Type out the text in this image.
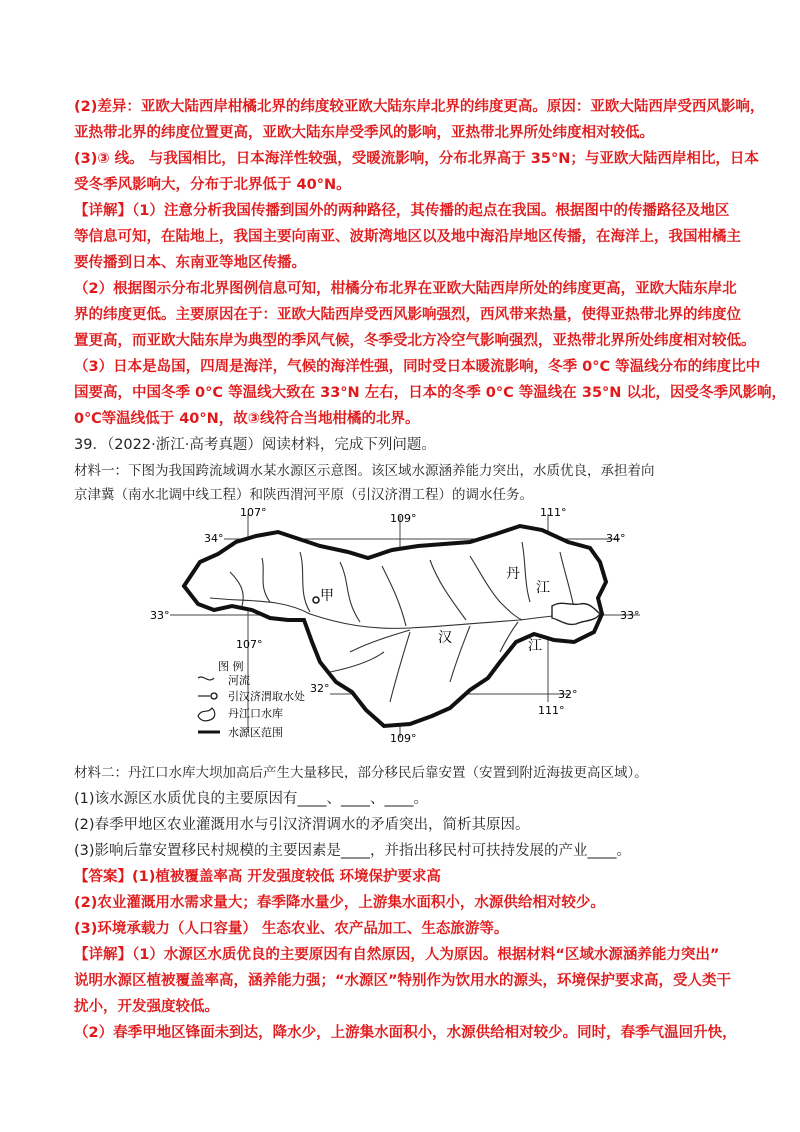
(2)差异：亚欧大陆西岸柑橘北界的纬度较亚欧大陆东岸北界的纬度更高。原因：亚欧大陆西岸受西风影响，
亚热带北界的纬度位置更高，亚欧大陆东岸受季风的影响，亚热带北界所处纬度相对较低。
(3)③ 线。 与我国相比，日本海洋性较强，受暖流影响，分布北界高于 35°N；与亚欧大陆西岸相比，日本
受冬季风影响大，分布于北界低于 40°N。
【详解】（1）注意分析我国传播到国外的两种路径，其传播的起点在我国。根据图中的传播路径及地区
等信息可知，在陆地上，我国主要向南亚、波斯湾地区以及地中海沿岸地区传播，在海洋上，我国柑橘主
要传播到日本、东南亚等地区传播。
（2）根据图示分布北界图例信息可知，柑橘分布北界在亚欧大陆西岸所处的纬度更高，亚欧大陆东岸北
界的纬度更低。主要原因在于：亚欧大陆西岸受西风影响强烈，西风带来热量，使得亚热带北界的纬度位
置更高，而亚欧大陆东岸为典型的季风气候，冬季受北方冷空气影响强烈，亚热带北界所处纬度相对较低。
（3）日本是岛国，四周是海洋，气候的海洋性强，同时受日本暖流影响，冬季 0°C 等温线分布的纬度比中
国要高，中国冬季 0°C 等温线大致在 33°N 左右，日本的冬季 0°C 等温线在 35°N 以北，因受冬季风影响，
0℃等温线低于 40°N，故③线符合当地柑橘的北界。
39．（2022·浙江·高考真题）阅读材料，完成下列问题。
材料一：下图为我国跨流域调水某水源区示意图。该区域水源涵养能力突出，水质优良，承担着向
京津冀（南水北调中线工程）和陕西渭河平原（引汉济渭工程）的调水任务。
107°	109°	111°
34°	34°
33°	33°
107°
32°	32°
111°
109°
甲
汉	江
丹
江
图 例
河流
引汉济渭取水处
丹江口水库
水源区范围
材料二：丹江口水库大坝加高后产生大量移民，部分移民后靠安置（安置到附近海拔更高区域）。
(1)该水源区水质优良的主要原因有____、____、____。
(2)春季甲地区农业灌溉用水与引汉济渭调水的矛盾突出，简析其原因。
(3)影响后靠安置移民村规模的主要因素是____，并指出移民村可扶持发展的产业____。
【答案】(1)植被覆盖率高 开发强度较低 环境保护要求高
(2)农业灌溉用水需求量大；春季降水量少，上游集水面积小，水源供给相对较少。
(3)环境承载力（人口容量） 生态农业、农产品加工、生态旅游等。
【详解】（1）水源区水质优良的主要原因有自然原因，人为原因。根据材料“区域水源涵养能力突出”
说明水源区植被覆盖率高，涵养能力强；“水源区”特别作为饮用水的源头，环境保护要求高，受人类干
扰小，开发强度较低。
（2）春季甲地区锋面未到达，降水少，上游集水面积小，水源供给相对较少。同时，春季气温回升快，
